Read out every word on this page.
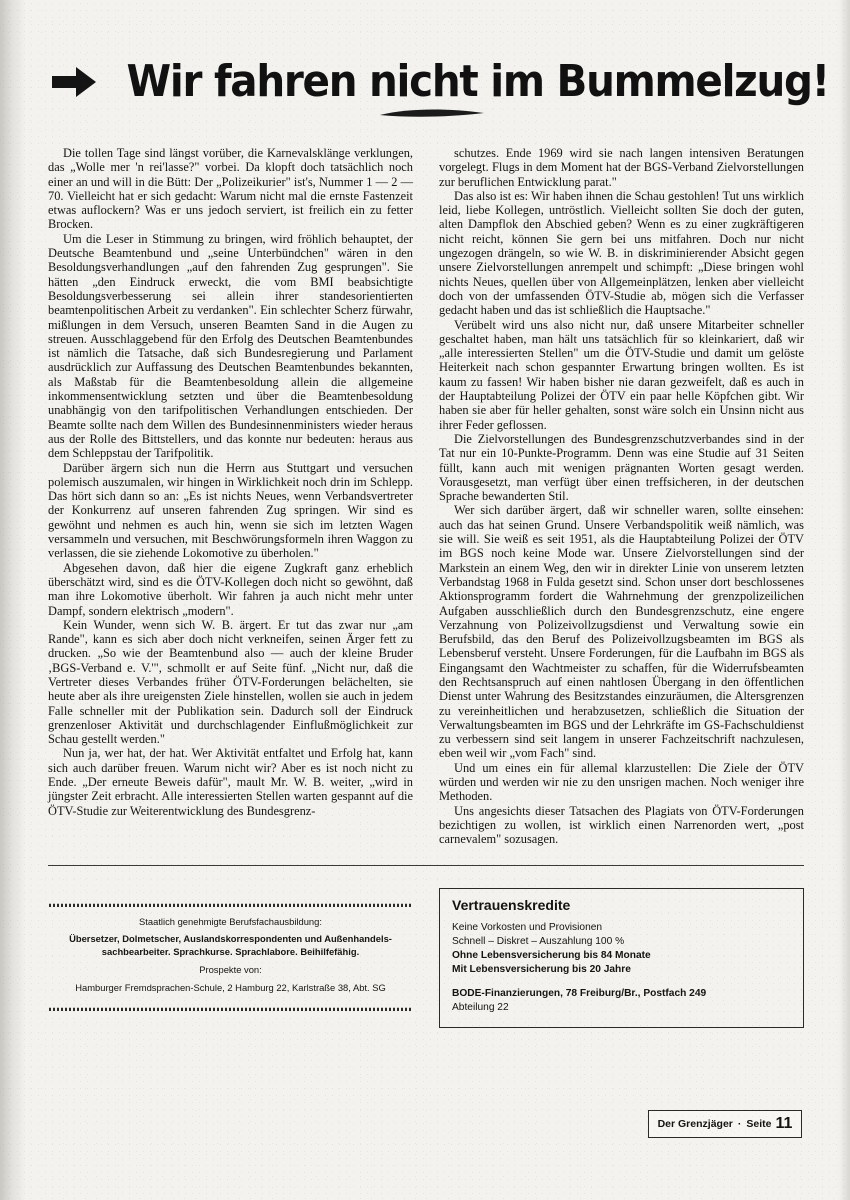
Wir fahren nicht im Bummelzug!

Die tollen Tage sind längst vorüber, die Karnevalsklänge verklungen, das „Wolle mer 'n rei'lasse?" vorbei. Da klopft doch tatsächlich noch einer an und will in die Bütt: Der „Polizeikurier" ist's, Nummer 1 — 2 — 70. Vielleicht hat er sich gedacht: Warum nicht mal die ernste Fastenzeit etwas auflockern? Was er uns jedoch serviert, ist freilich ein zu fetter Brocken.

Um die Leser in Stimmung zu bringen, wird fröhlich behauptet, der Deutsche Beamtenbund und „seine Unterbündchen" wären in den Besoldungsverhandlungen „auf den fahrenden Zug gesprungen". Sie hätten „den Eindruck erweckt, die vom BMI beabsichtigte Besoldungsverbesserung sei allein ihrer standesorientierten beamtenpolitischen Arbeit zu verdanken". Ein schlechter Scherz fürwahr, mißlungen in dem Versuch, unseren Beamten Sand in die Augen zu streuen. Ausschlaggebend für den Erfolg des Deutschen Beamtenbundes ist nämlich die Tatsache, daß sich Bundesregierung und Parlament ausdrücklich zur Auffassung des Deutschen Beamtenbundes bekannten, als Maßstab für die Beamtenbesoldung allein die allgemeine inkommensentwicklung setzten und über die Beamtenbesoldung unabhängig von den tarifpolitischen Verhandlungen entschieden. Der Beamte sollte nach dem Willen des Bundesinnenministers wieder heraus aus der Rolle des Bittstellers, und das konnte nur bedeuten: heraus aus dem Schleppstau der Tarifpolitik.

Darüber ärgern sich nun die Herrn aus Stuttgart und versuchen polemisch auszumalen, wir hingen in Wirklichkeit noch drin im Schlepp. Das hört sich dann so an: „Es ist nichts Neues, wenn Verbandsvertreter der Konkurrenz auf unseren fahrenden Zug springen. Wir sind es gewöhnt und nehmen es auch hin, wenn sie sich im letzten Wagen versammeln und versuchen, mit Beschwörungsformeln ihren Waggon zu verlassen, die sie ziehende Lokomotive zu überholen."

Abgesehen davon, daß hier die eigene Zugkraft ganz erheblich überschätzt wird, sind es die ÖTV-Kollegen doch nicht so gewöhnt, daß man ihre Lokomotive überholt. Wir fahren ja auch nicht mehr unter Dampf, sondern elektrisch „modern".

Kein Wunder, wenn sich W. B. ärgert. Er tut das zwar nur „am Rande", kann es sich aber doch nicht verkneifen, seinen Ärger fett zu drucken. „So wie der Beamtenbund also — auch der kleine Bruder ‚BGS-Verband e. V.'", schmollt er auf Seite fünf. „Nicht nur, daß die Vertreter dieses Verbandes früher ÖTV-Forderungen belächelten, sie heute aber als ihre ureigensten Ziele hinstellen, wollen sie auch in jedem Falle schneller mit der Publikation sein. Dadurch soll der Eindruck grenzenloser Aktivität und durchschlagender Einflußmöglichkeit zur Schau gestellt werden."

Nun ja, wer hat, der hat. Wer Aktivität entfaltet und Erfolg hat, kann sich auch darüber freuen. Warum nicht wir? Aber es ist noch nicht zu Ende. „Der erneute Beweis dafür", mault Mr. W. B. weiter, „wird in jüngster Zeit erbracht. Alle interessierten Stellen warten gespannt auf die ÖTV-Studie zur Weiterentwicklung des Bundesgrenz-

schutzes. Ende 1969 wird sie nach langen intensiven Beratungen vorgelegt. Flugs in dem Moment hat der BGS-Verband Zielvorstellungen zur beruflichen Entwicklung parat."

Das also ist es: Wir haben ihnen die Schau gestohlen! Tut uns wirklich leid, liebe Kollegen, untröstlich. Vielleicht sollten Sie doch der guten, alten Dampflok den Abschied geben? Wenn es zu einer zugkräftigeren nicht reicht, können Sie gern bei uns mitfahren. Doch nur nicht ungezogen drängeln, so wie W. B. in diskriminierender Absicht gegen unsere Zielvorstellungen anrempelt und schimpft: „Diese bringen wohl nichts Neues, quellen über von Allgemeinplätzen, lenken aber vielleicht doch von der umfassenden ÖTV-Studie ab, mögen sich die Verfasser gedacht haben und das ist schließlich die Hauptsache."

Verübelt wird uns also nicht nur, daß unsere Mitarbeiter schneller geschaltet haben, man hält uns tatsächlich für so kleinkariert, daß wir „alle interessierten Stellen" um die ÖTV-Studie und damit um gelöste Heiterkeit nach schon gespannter Erwartung bringen wollten. Es ist kaum zu fassen! Wir haben bisher nie daran gezweifelt, daß es auch in der Hauptabteilung Polizei der ÖTV ein paar helle Köpfchen gibt. Wir haben sie aber für heller gehalten, sonst wäre solch ein Unsinn nicht aus ihrer Feder geflossen.

Die Zielvorstellungen des Bundesgrenzschutzverbandes sind in der Tat nur ein 10-Punkte-Programm. Denn was eine Studie auf 31 Seiten füllt, kann auch mit wenigen prägnanten Worten gesagt werden. Vorausgesetzt, man verfügt über einen treffsicheren, in der deutschen Sprache bewanderten Stil.

Wer sich darüber ärgert, daß wir schneller waren, sollte einsehen: auch das hat seinen Grund. Unsere Verbandspolitik weiß nämlich, was sie will. Sie weiß es seit 1951, als die Hauptabteilung Polizei der ÖTV im BGS noch keine Mode war. Unsere Zielvorstellungen sind der Markstein an einem Weg, den wir in direkter Linie von unserem letzten Verbandstag 1968 in Fulda gesetzt sind. Schon unser dort beschlossenes Aktionsprogramm fordert die Wahrnehmung der grenzpolizeilichen Aufgaben ausschließlich durch den Bundesgrenzschutz, eine engere Verzahnung von Polizeivollzugsdienst und Verwaltung sowie ein Berufsbild, das den Beruf des Polizeivollzugsbeamten im BGS als Lebensberuf versteht. Unsere Forderungen, für die Laufbahn im BGS als Eingangsamt den Wachtmeister zu schaffen, für die Widerrufsbeamten den Rechtsanspruch auf einen nahtlosen Übergang in den öffentlichen Dienst unter Wahrung des Besitzstandes einzuräumen, die Altersgrenzen zu vereinheitlichen und herabzusetzen, schließlich die Situation der Verwaltungsbeamten im BGS und der Lehrkräfte im GS-Fachschuldienst zu verbessern sind seit langem in unserer Fachzeitschrift nachzulesen, eben weil wir „vom Fach" sind.

Und um eines ein für allemal klarzustellen: Die Ziele der ÖTV würden und werden wir nie zu den unsrigen machen. Noch weniger ihre Methoden.

Uns angesichts dieser Tatsachen des Plagiats von ÖTV-Forderungen bezichtigen zu wollen, ist wirklich einen Narrenorden wert, „post carnevalem" sozusagen.

Staatlich genehmigte Berufsfachausbildung:
Übersetzer, Dolmetscher, Auslandskorrespondenten und Außenhandels-
sachbearbeiter. Sprachkurse. Sprachlabore. Beihilfefähig.
Prospekte von:
Hamburger Fremdsprachen-Schule, 2 Hamburg 22, Karlstraße 38, Abt. SG
Vertrauenskredite
Keine Vorkosten und Provisionen
Schnell – Diskret – Auszahlung 100 %
Ohne Lebensversicherung bis 84 Monate
Mit Lebensversicherung bis 20 Jahre
BODE-Finanzierungen, 78 Freiburg/Br., Postfach 249
Abteilung 22
Der Grenzjäger · Seite 11
